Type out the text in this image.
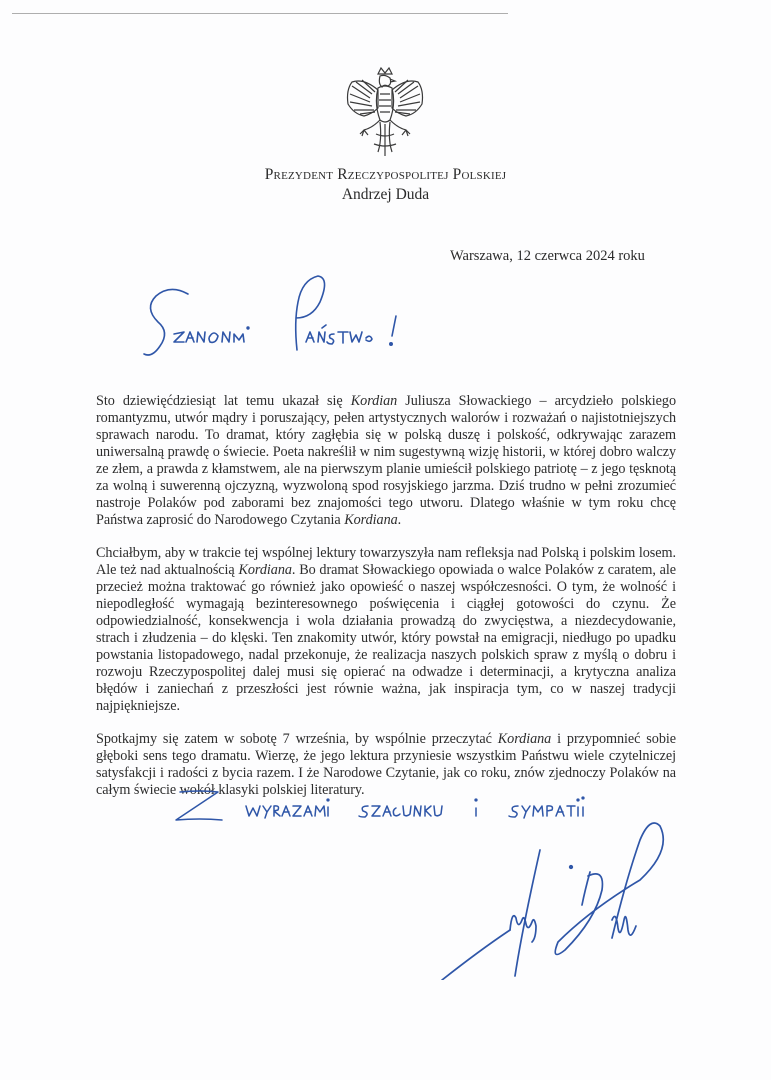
Prezydent Rzeczypospolitej Polskiej
Andrzej Duda
Warszawa, 12 czerwca 2024 roku

Sto dziewięćdziesiąt lat temu ukazał się Kordian Juliusza Słowackiego – arcydzieło polskiego romantyzmu, utwór mądry i poruszający, pełen artystycznych walorów i rozważań o najistotniejszych sprawach narodu. To dramat, który zagłębia się w polską duszę i polskość, odkrywając zarazem uniwersalną prawdę o świecie. Poeta nakreślił w nim sugestywną wizję historii, w której dobro walczy ze złem, a prawda z kłamstwem, ale na pierwszym planie umieścił polskiego patriotę – z jego tęsknotą za wolną i suwerenną ojczyzną, wyzwoloną spod rosyjskiego jarzma. Dziś trudno w pełni zrozumieć nastroje Polaków pod zaborami bez znajomości tego utworu. Dlatego właśnie w tym roku chcę Państwa zaprosić do Narodowego Czytania Kordiana.

Chciałbym, aby w trakcie tej wspólnej lektury towarzyszyła nam refleksja nad Polską i polskim losem. Ale też nad aktualnością Kordiana. Bo dramat Słowackiego opowiada o walce Polaków z caratem, ale przecież można traktować go również jako opowieść o naszej współczesności. O tym, że wolność i niepodległość wymagają bezinteresownego poświęcenia i ciągłej gotowości do czynu. Że odpowiedzialność, konsekwencja i wola działania prowadzą do zwycięstwa, a niezdecydowanie, strach i złudzenia – do klęski. Ten znakomity utwór, który powstał na emigracji, niedługo po upadku powstania listopadowego, nadal przekonuje, że realizacja naszych polskich spraw z myślą o dobru i rozwoju Rzeczypospolitej dalej musi się opierać na odwadze i determinacji, a krytyczna analiza błędów i zaniechań z przeszłości jest równie ważna, jak inspiracja tym, co w naszej tradycji najpiękniejsze.

Spotkajmy się zatem w sobotę 7 września, by wspólnie przeczytać Kordiana i przypomnieć sobie głęboki sens tego dramatu. Wierzę, że jego lektura przyniesie wszystkim Państwu wiele czytelniczej satysfakcji i radości z bycia razem. I że Narodowe Czytanie, jak co roku, znów zjednoczy Polaków na całym świecie wokół klasyki polskiej literatury.
